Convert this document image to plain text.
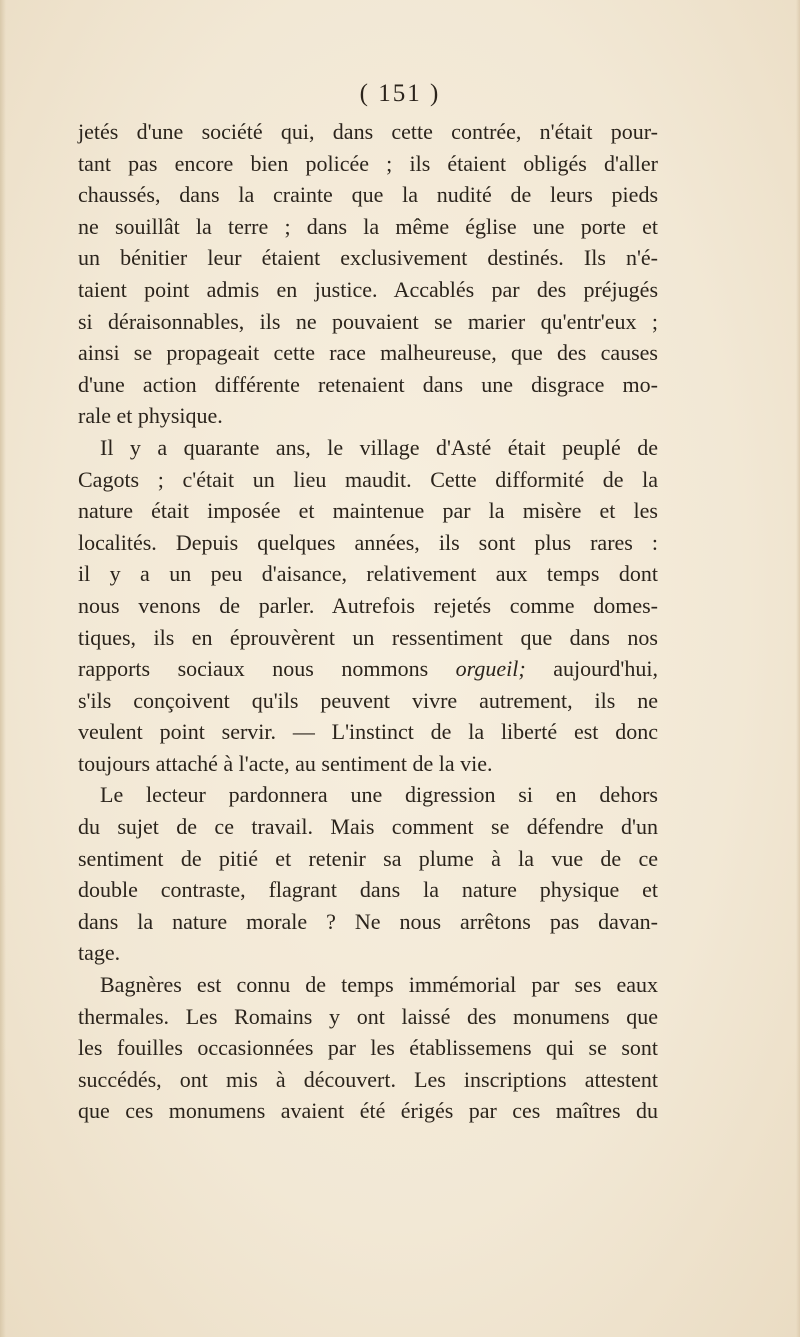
( 151 )
jetés d'une société qui, dans cette contrée, n'était pour-
tant pas encore bien policée ; ils étaient obligés d'aller
chaussés, dans la crainte que la nudité de leurs pieds
ne souillât la terre ; dans la même église une porte et
un bénitier leur étaient exclusivement destinés. Ils n'é-
taient point admis en justice. Accablés par des préjugés
si déraisonnables, ils ne pouvaient se marier qu'entr'eux ;
ainsi se propageait cette race malheureuse, que des causes
d'une action différente retenaient dans une disgrace mo-
rale et physique.
Il y a quarante ans, le village d'Asté était peuplé de
Cagots ; c'était un lieu maudit. Cette difformité de la
nature était imposée et maintenue par la misère et les
localités. Depuis quelques années, ils sont plus rares :
il y a un peu d'aisance, relativement aux temps dont
nous venons de parler. Autrefois rejetés comme domes-
tiques, ils en éprouvèrent un ressentiment que dans nos
rapports sociaux nous nommons orgueil; aujourd'hui,
s'ils conçoivent qu'ils peuvent vivre autrement, ils ne
veulent point servir. — L'instinct de la liberté est donc
toujours attaché à l'acte, au sentiment de la vie.
Le lecteur pardonnera une digression si en dehors
du sujet de ce travail. Mais comment se défendre d'un
sentiment de pitié et retenir sa plume à la vue de ce
double contraste, flagrant dans la nature physique et
dans la nature morale ? Ne nous arrêtons pas davan-
tage.
Bagnères est connu de temps immémorial par ses eaux
thermales. Les Romains y ont laissé des monumens que
les fouilles occasionnées par les établissemens qui se sont
succédés, ont mis à découvert. Les inscriptions attestent
que ces monumens avaient été érigés par ces maîtres du
